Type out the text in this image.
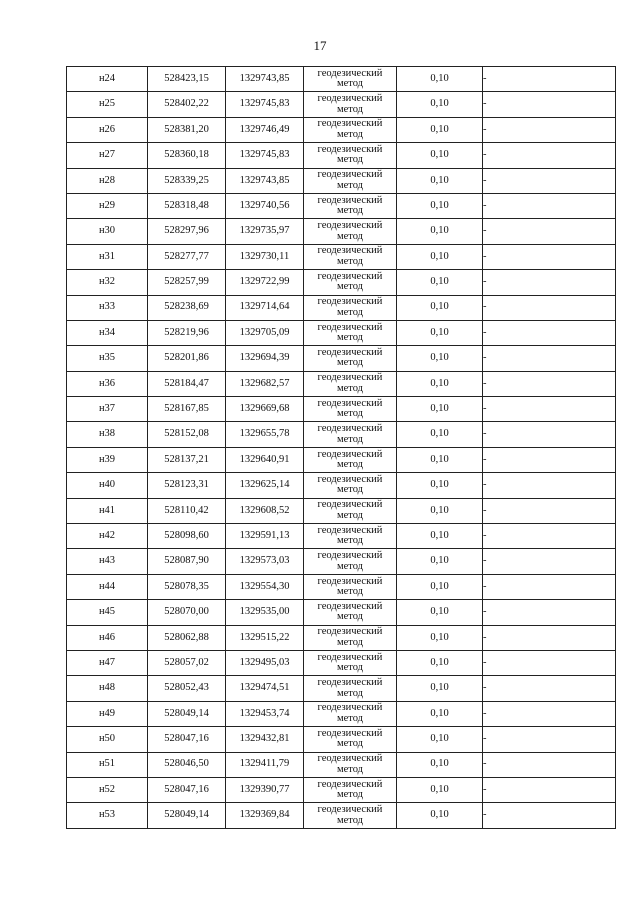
17
н24	528423,15	1329743,85	геодезический
метод	0,10	-
н25	528402,22	1329745,83	геодезический
метод	0,10	-
н26	528381,20	1329746,49	геодезический
метод	0,10	-
н27	528360,18	1329745,83	геодезический
метод	0,10	-
н28	528339,25	1329743,85	геодезический
метод	0,10	-
н29	528318,48	1329740,56	геодезический
метод	0,10	-
н30	528297,96	1329735,97	геодезический
метод	0,10	-
н31	528277,77	1329730,11	геодезический
метод	0,10	-
н32	528257,99	1329722,99	геодезический
метод	0,10	-
н33	528238,69	1329714,64	геодезический
метод	0,10	-
н34	528219,96	1329705,09	геодезический
метод	0,10	-
н35	528201,86	1329694,39	геодезический
метод	0,10	-
н36	528184,47	1329682,57	геодезический
метод	0,10	-
н37	528167,85	1329669,68	геодезический
метод	0,10	-
н38	528152,08	1329655,78	геодезический
метод	0,10	-
н39	528137,21	1329640,91	геодезический
метод	0,10	-
н40	528123,31	1329625,14	геодезический
метод	0,10	-
н41	528110,42	1329608,52	геодезический
метод	0,10	-
н42	528098,60	1329591,13	геодезический
метод	0,10	-
н43	528087,90	1329573,03	геодезический
метод	0,10	-
н44	528078,35	1329554,30	геодезический
метод	0,10	-
н45	528070,00	1329535,00	геодезический
метод	0,10	-
н46	528062,88	1329515,22	геодезический
метод	0,10	-
н47	528057,02	1329495,03	геодезический
метод	0,10	-
н48	528052,43	1329474,51	геодезический
метод	0,10	-
н49	528049,14	1329453,74	геодезический
метод	0,10	-
н50	528047,16	1329432,81	геодезический
метод	0,10	-
н51	528046,50	1329411,79	геодезический
метод	0,10	-
н52	528047,16	1329390,77	геодезический
метод	0,10	-
н53	528049,14	1329369,84	геодезический
метод	0,10	-
